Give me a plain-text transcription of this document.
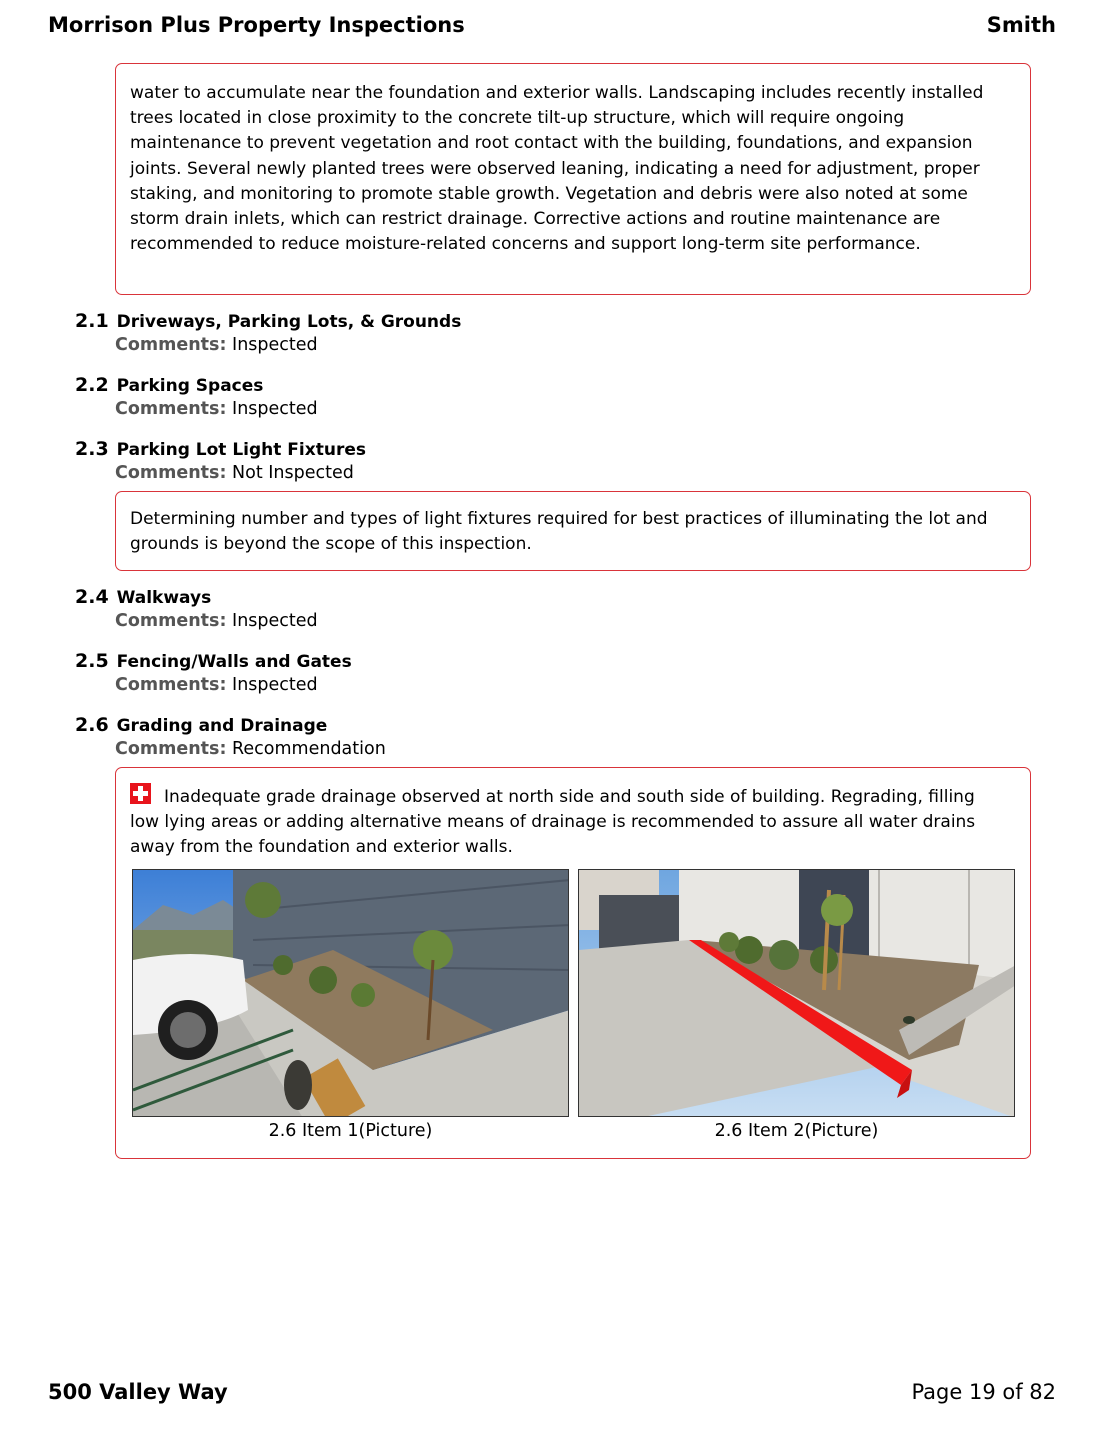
Morrison Plus Property Inspections	Smith

water to accumulate near the foundation and exterior walls. Landscaping includes recently installed trees located in close proximity to the concrete tilt-up structure, which will require ongoing maintenance to prevent vegetation and root contact with the building, foundations, and expansion joints. Several newly planted trees were observed leaning, indicating a need for adjustment, proper staking, and monitoring to promote stable growth. Vegetation and debris were also noted at some storm drain inlets, which can restrict drainage. Corrective actions and routine maintenance are recommended to reduce moisture-related concerns and support long-term site performance.

2.1 Driveways, Parking Lots, & Grounds
Comments: Inspected
2.2 Parking Spaces
Comments: Inspected
2.3 Parking Lot Light Fixtures
Comments: Not Inspected

Determining number and types of light fixtures required for best practices of illuminating the lot and grounds is beyond the scope of this inspection.

2.4 Walkways
Comments: Inspected
2.5 Fencing/Walls and Gates
Comments: Inspected
2.6 Grading and Drainage
Comments: Recommendation

Inadequate grade drainage observed at north side and south side of building. Regrading, filling low lying areas or adding alternative means of drainage is recommended to assure all water drains away from the foundation and exterior walls.

2.6 Item 1(Picture)	2.6 Item 2(Picture)
500 Valley Way	Page 19 of 82
